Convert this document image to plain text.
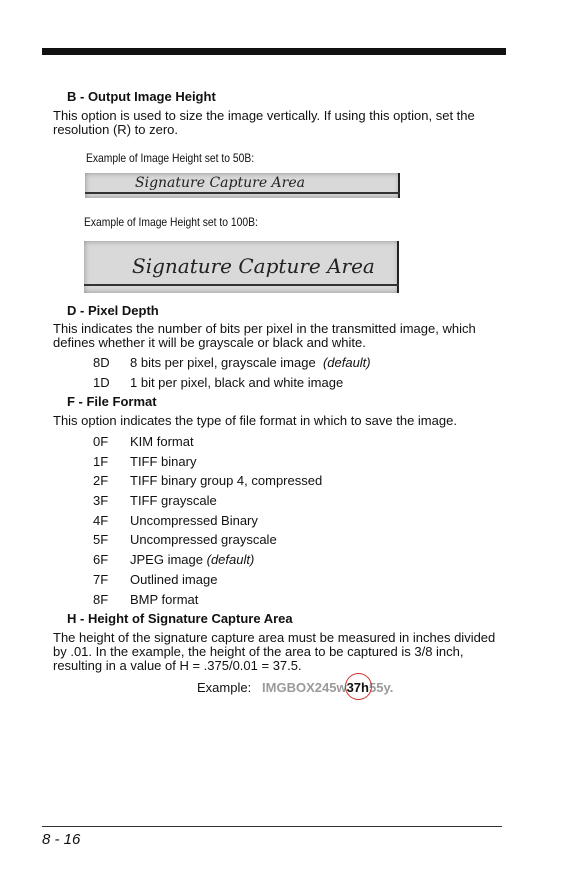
B - Output Image Height
This option is used to size the image vertically. If using this option, set the resolution (R) to zero.
Example of Image Height set to 50B:
Signature Capture Area
Example of Image Height set to 100B:
Signature Capture Area
D - Pixel Depth
This indicates the number of bits per pixel in the transmitted image, which defines whether it will be grayscale or black and white.
8D 8 bits per pixel, grayscale image (default)
1D 1 bit per pixel, black and white image
F - File Format
This option indicates the type of file format in which to save the image.
0F KIM format
1F TIFF binary
2F TIFF binary group 4, compressed
3F TIFF grayscale
4F Uncompressed Binary
5F Uncompressed grayscale
6F JPEG image (default)
7F Outlined image
8F BMP format
H - Height of Signature Capture Area
The height of the signature capture area must be measured in inches divided by .01. In the example, the height of the area to be captured is 3/8 inch, resulting in a value of H = .375/0.01 = 37.5.
Example: IMGBOX245w37h55y.
8 - 16
